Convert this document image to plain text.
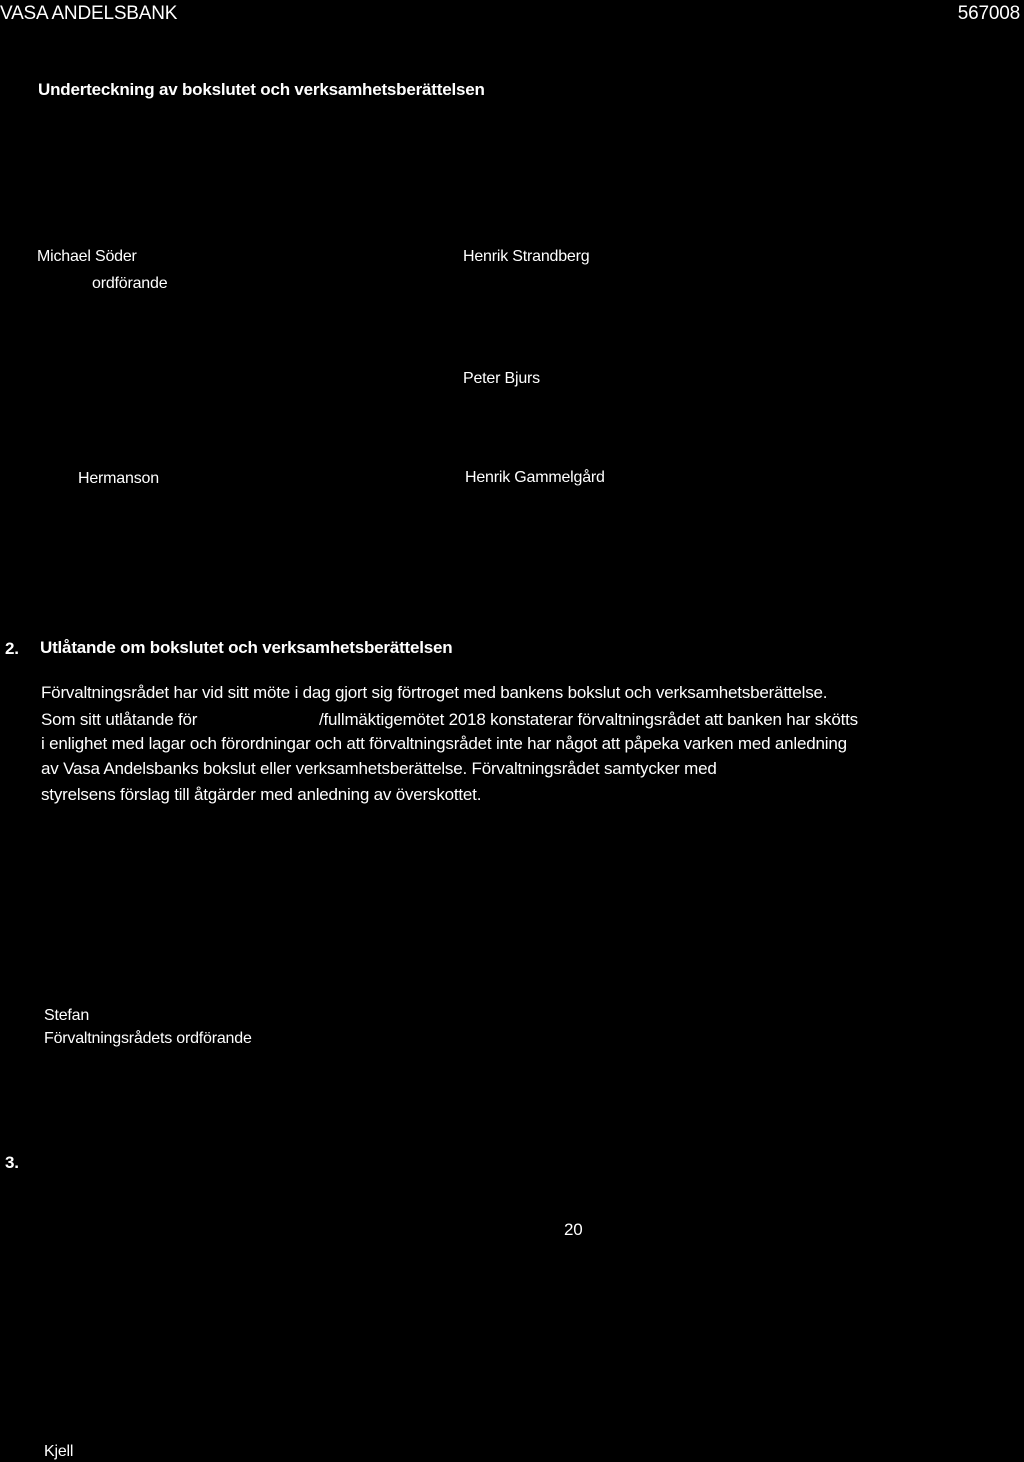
VASA ANDELSBANK	567008
Underteckning av bokslutet och verksamhetsberättelsen
Michael Söder
ordförande
Henrik Strandberg
Peter Bjurs
Hermanson	Henrik Gammelgård
2. Utlåtande om bokslutet och verksamhetsberättelsen
Förvaltningsrådet har vid sitt möte i dag gjort sig förtroget med bankens bokslut och verksamhetsberättelse.
Som sitt utlåtande för	/fullmäktigemötet 2018 konstaterar förvaltningsrådet att banken har skötts
i enlighet med lagar och förordningar och att förvaltningsrådet inte har något att påpeka varken med anledning
av Vasa Andelsbanks bokslut eller verksamhetsberättelse. Förvaltningsrådet samtycker med
styrelsens förslag till åtgärder med anledning av överskottet.
Stefan
Förvaltningsrådets ordförande
3.
20
Kjell
